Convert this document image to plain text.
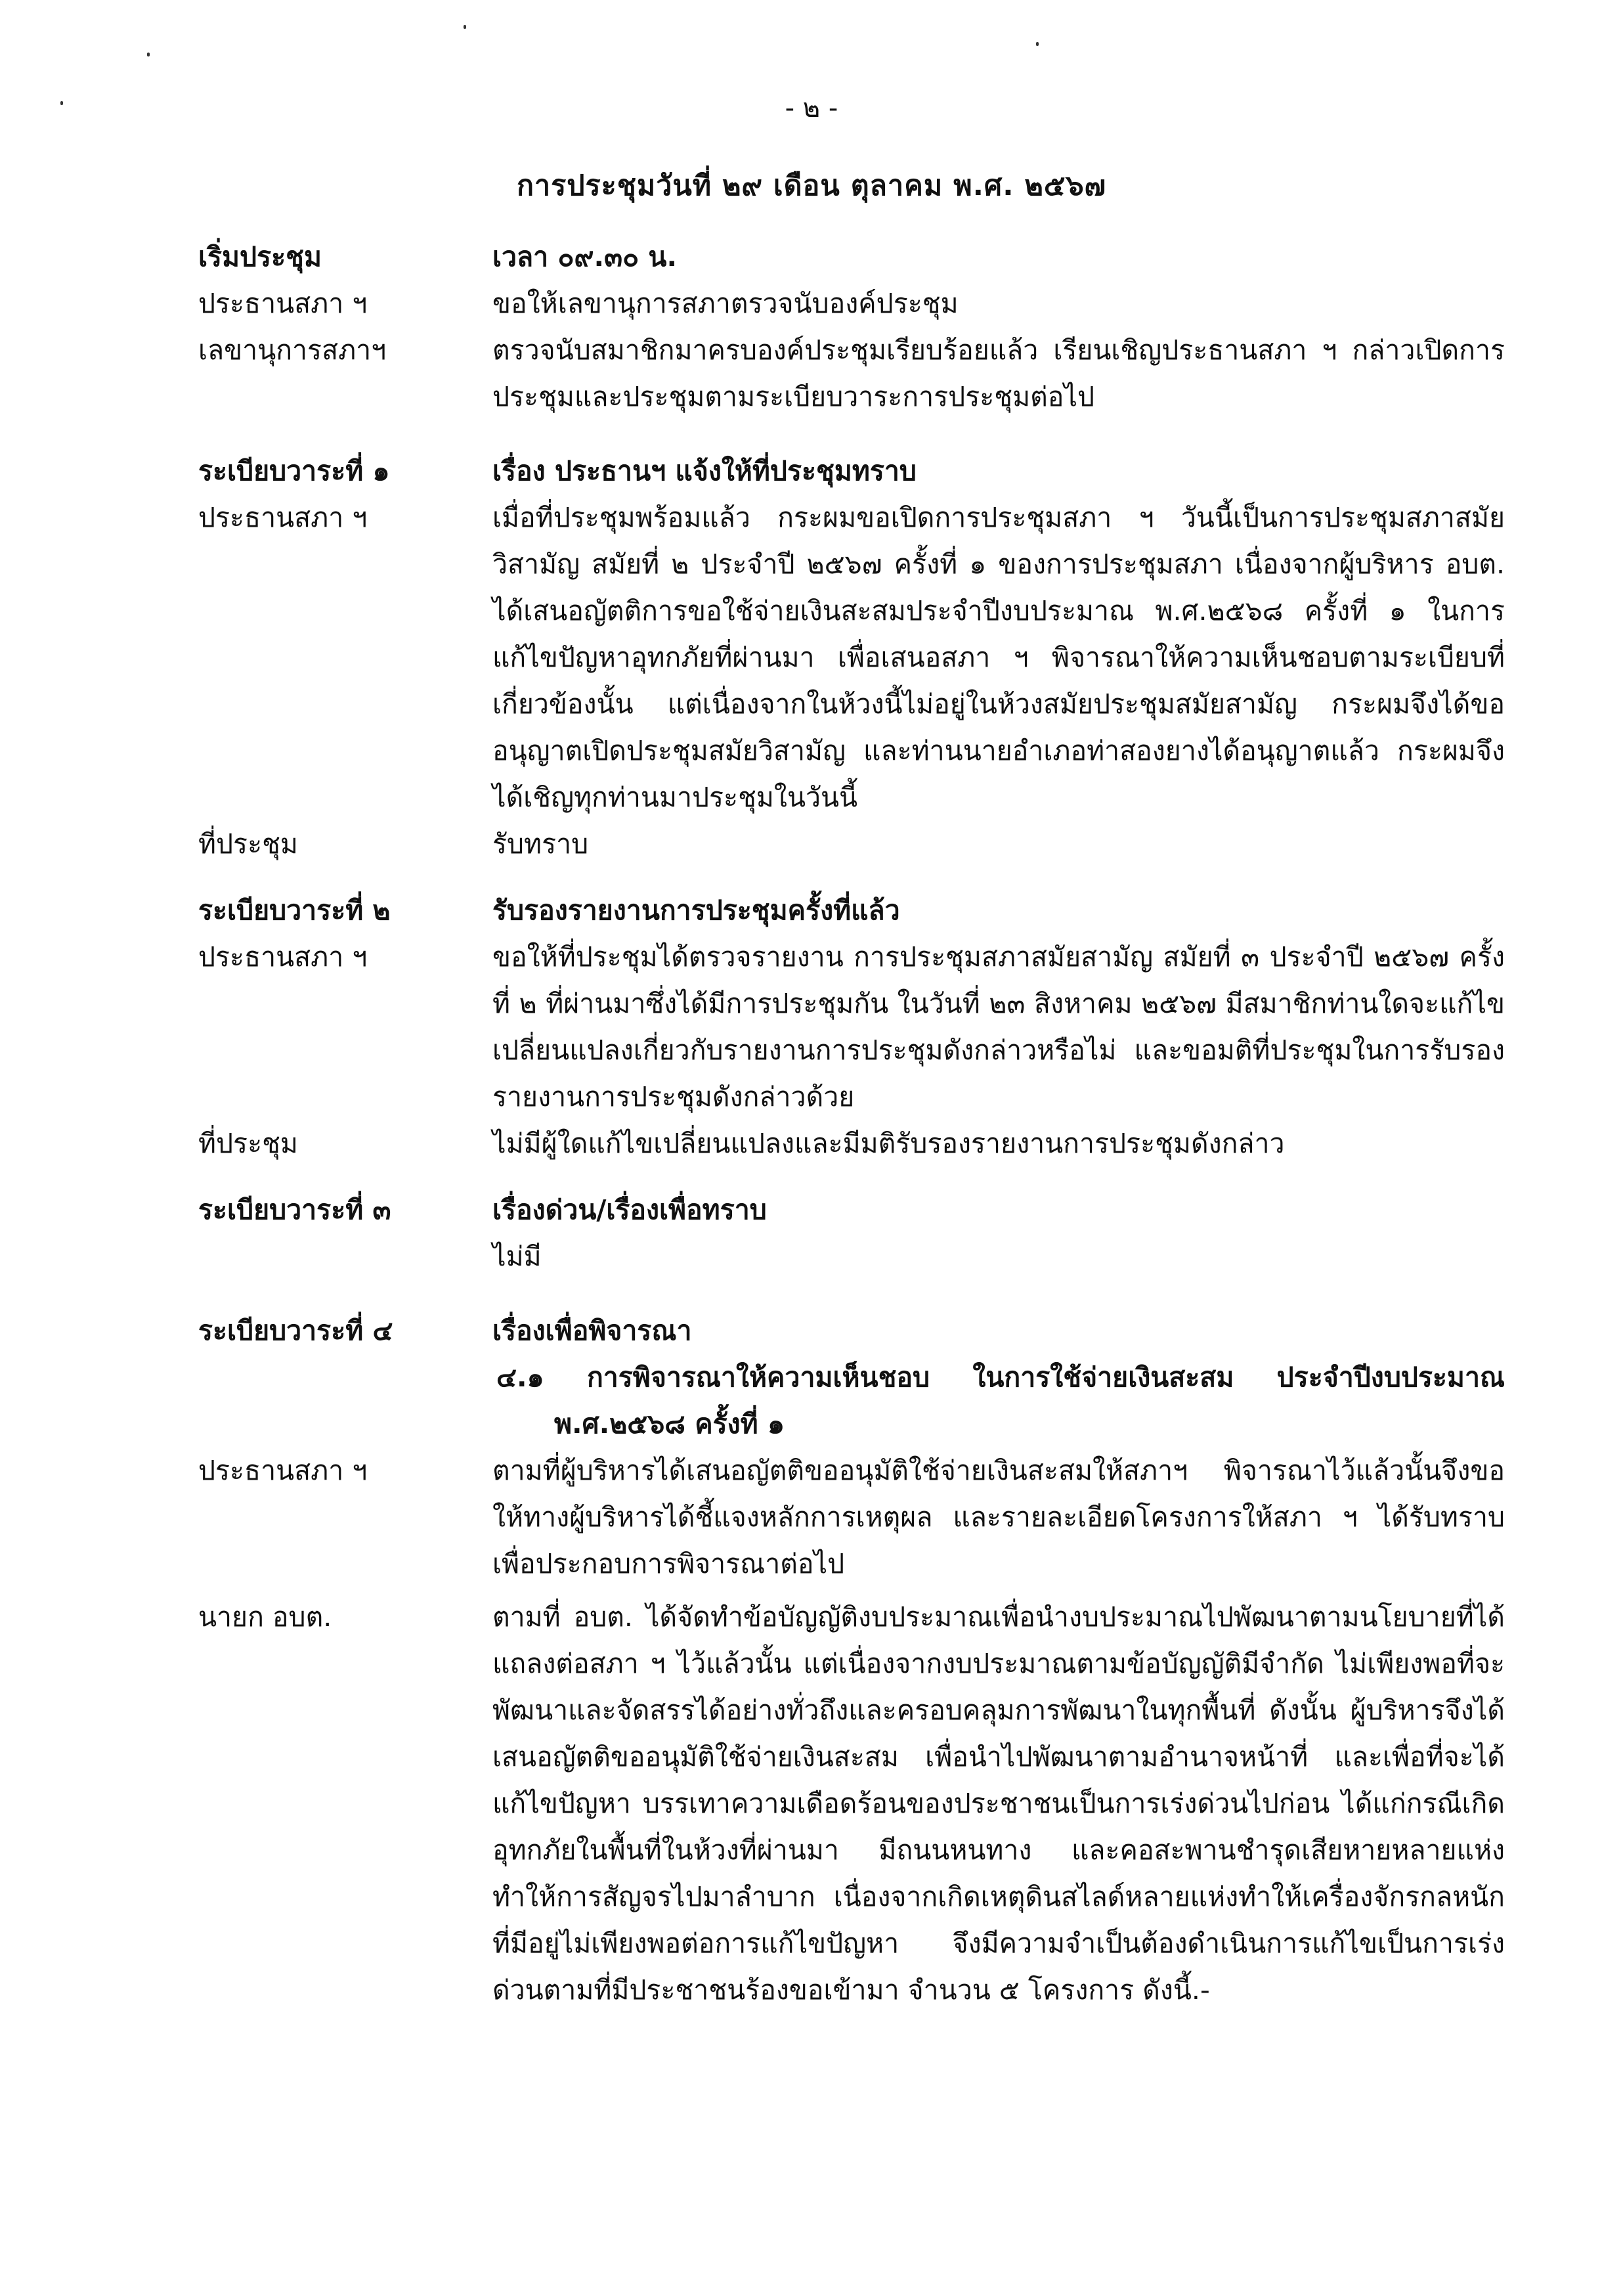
- ๒ -
การประชุมวันที่ ๒๙ เดือน ตุลาคม พ.ศ. ๒๕๖๗
เริ่มประชุม	เวลา ๐๙.๓๐ น.
ประธานสภา ฯ	ขอให้เลขานุการสภาตรวจนับองค์ประชุม
เลขานุการสภาฯ	ตรวจนับสมาชิกมาครบองค์ประชุมเรียบร้อยแล้ว เรียนเชิญประธานสภา ฯ กล่าวเปิดการประชุมและประชุมตามระเบียบวาระการประชุมต่อไป
ระเบียบวาระที่ ๑	เรื่อง ประธานฯ แจ้งให้ที่ประชุมทราบ
ประธานสภา ฯ	เมื่อที่ประชุมพร้อมแล้ว กระผมขอเปิดการประชุมสภา ฯ วันนี้เป็นการประชุมสภาสมัยวิสามัญ สมัยที่ ๒ ประจำปี ๒๕๖๗ ครั้งที่ ๑ ของการประชุมสภา เนื่องจากผู้บริหาร อบต. ได้เสนอญัตติการขอใช้จ่ายเงินสะสมประจำปีงบประมาณ พ.ศ.๒๕๖๘ ครั้งที่ ๑ ในการแก้ไขปัญหาอุทกภัยที่ผ่านมา เพื่อเสนอสภา ฯ พิจารณาให้ความเห็นชอบตามระเบียบที่เกี่ยวข้องนั้น แต่เนื่องจากในห้วงนี้ไม่อยู่ในห้วงสมัยประชุมสมัยสามัญ กระผมจึงได้ขออนุญาตเปิดประชุมสมัยวิสามัญ และท่านนายอำเภอท่าสองยางได้อนุญาตแล้ว กระผมจึงได้เชิญทุกท่านมาประชุมในวันนี้
ที่ประชุม	รับทราบ
ระเบียบวาระที่ ๒	รับรองรายงานการประชุมครั้งที่แล้ว
ประธานสภา ฯ	ขอให้ที่ประชุมได้ตรวจรายงาน การประชุมสภาสมัยสามัญ สมัยที่ ๓ ประจำปี ๒๕๖๗ ครั้งที่ ๒ ที่ผ่านมาซึ่งได้มีการประชุมกัน ในวันที่ ๒๓ สิงหาคม ๒๕๖๗ มีสมาชิกท่านใดจะแก้ไขเปลี่ยนแปลงเกี่ยวกับรายงานการประชุมดังกล่าวหรือไม่ และขอมติที่ประชุมในการรับรองรายงานการประชุมดังกล่าวด้วย
ที่ประชุม	ไม่มีผู้ใดแก้ไขเปลี่ยนแปลงและมีมติรับรองรายงานการประชุมดังกล่าว
ระเบียบวาระที่ ๓	เรื่องด่วน/เรื่องเพื่อทราบ
ไม่มี
ระเบียบวาระที่ ๔	เรื่องเพื่อพิจารณา
๔.๑ การพิจารณาให้ความเห็นชอบ ในการใช้จ่ายเงินสะสม ประจำปีงบประมาณ พ.ศ.๒๕๖๘ ครั้งที่ ๑
ประธานสภา ฯ	ตามที่ผู้บริหารได้เสนอญัตติขออนุมัติใช้จ่ายเงินสะสมให้สภาฯ พิจารณาไว้แล้วนั้นจึงขอให้ทางผู้บริหารได้ชี้แจงหลักการเหตุผล และรายละเอียดโครงการให้สภา ฯ ได้รับทราบเพื่อประกอบการพิจารณาต่อไป
นายก อบต.	ตามที่ อบต. ได้จัดทำข้อบัญญัติงบประมาณเพื่อนำงบประมาณไปพัฒนาตามนโยบายที่ได้แถลงต่อสภา ฯ ไว้แล้วนั้น แต่เนื่องจากงบประมาณตามข้อบัญญัติมีจำกัด ไม่เพียงพอที่จะพัฒนาและจัดสรรได้อย่างทั่วถึงและครอบคลุมการพัฒนาในทุกพื้นที่ ดังนั้น ผู้บริหารจึงได้เสนอญัตติขออนุมัติใช้จ่ายเงินสะสม เพื่อนำไปพัฒนาตามอำนาจหน้าที่ และเพื่อที่จะได้แก้ไขปัญหา บรรเทาความเดือดร้อนของประชาชนเป็นการเร่งด่วนไปก่อน ได้แก่กรณีเกิดอุทกภัยในพื้นที่ในห้วงที่ผ่านมา มีถนนหนทาง และคอสะพานชำรุดเสียหายหลายแห่ง ทำให้การสัญจรไปมาลำบาก เนื่องจากเกิดเหตุดินสไลด์หลายแห่งทำให้เครื่องจักรกลหนักที่มีอยู่ไม่เพียงพอต่อการแก้ไขปัญหา จึงมีความจำเป็นต้องดำเนินการแก้ไขเป็นการเร่งด่วนตามที่มีประชาชนร้องขอเข้ามา จำนวน ๕ โครงการ ดังนี้.-
